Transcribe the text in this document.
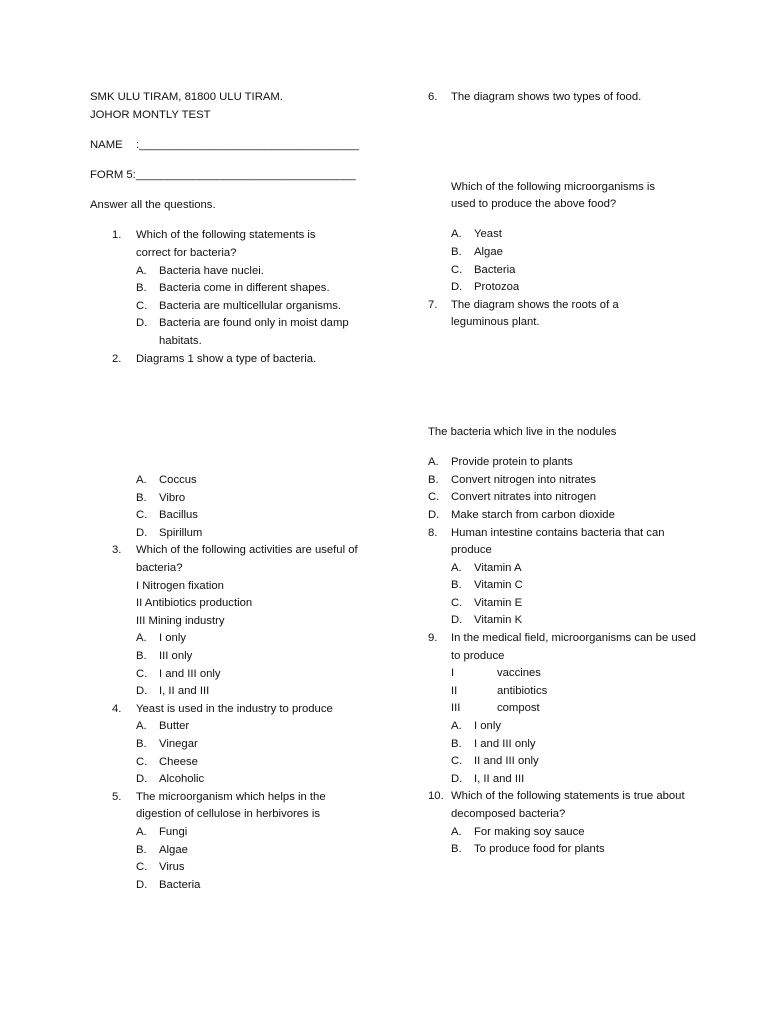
SMK ULU TIRAM, 81800 ULU TIRAM.
JOHOR MONTLY TEST
NAME :___________________________________
FORM 5:___________________________________
Answer all the questions.
1.	Which of the following statements is correct for bacteria?
A.	Bacteria have nuclei.
B.	Bacteria come in different shapes.
C.	Bacteria are multicellular organisms.
D.	Bacteria are found only in moist damp habitats.
2.	Diagrams 1 show a type of bacteria.
A.	Coccus
B.	Vibro
C.	Bacillus
D.	Spirillum
3.	Which of the following activities are useful of bacteria?
I Nitrogen fixation
II Antibiotics production
III Mining industry
A.	I only
B.	III only
C.	I and III only
D.	I, II and III
4.	Yeast is used in the industry to produce
A.	Butter
B.	Vinegar
C.	Cheese
D.	Alcoholic
5.	The microorganism which helps in the digestion of cellulose in herbivores is
A.	Fungi
B.	Algae
C.	Virus
D.	Bacteria
6.	The diagram shows two types of food.
Which of the following microorganisms is used to produce the above food?
A.	Yeast
B.	Algae
C.	Bacteria
D.	Protozoa
7.	The diagram shows the roots of a leguminous plant.
The bacteria which live in the nodules
A.	Provide protein to plants
B.	Convert nitrogen into nitrates
C.	Convert nitrates into nitrogen
D.	Make starch from carbon dioxide
8.	Human intestine contains bacteria that can produce
A.	Vitamin A
B.	Vitamin C
C.	Vitamin E
D.	Vitamin K
9.	In the medical field, microorganisms can be used to produce
I	vaccines
II	antibiotics
III	compost
A.	I only
B.	I and III only
C.	II and III only
D.	I, II and III
10. Which of the following statements is true about decomposed bacteria?
A.	For making soy sauce
B.	To produce food for plants
